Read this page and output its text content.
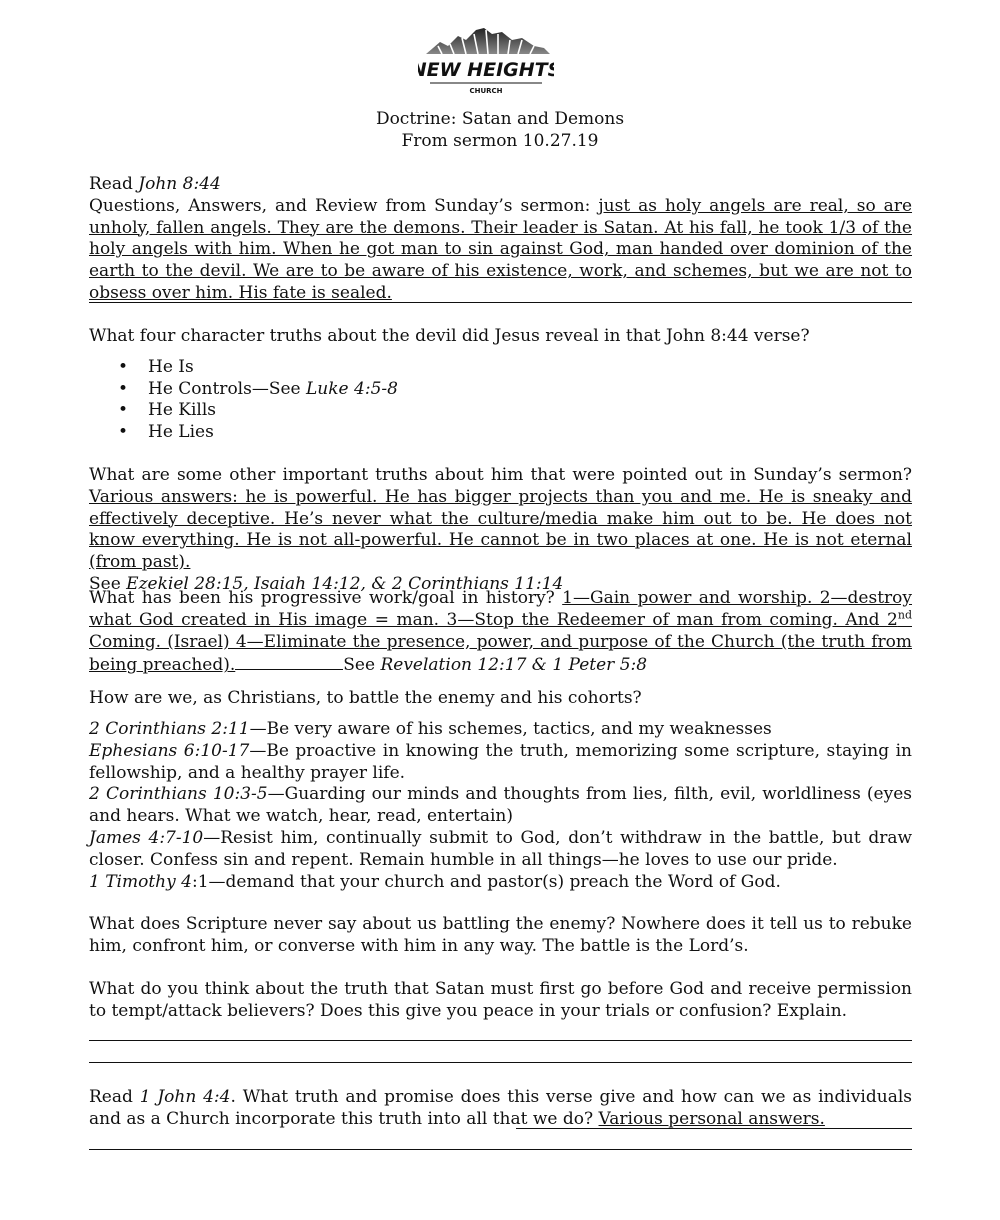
NEW HEIGHTS
CHURCH
Doctrine: Satan and Demons
From sermon 10.27.19
Read John 8:44
Questions, Answers, and Review from Sunday’s sermon: just as holy angels are real, so are unholy, fallen angels. They are the demons. Their leader is Satan. At his fall, he took 1/3 of the holy angels with him. When he got man to sin against God, man handed over dominion of the earth to the devil. We are to be aware of his existence, work, and schemes, but we are not to obsess over him. His fate is sealed.
What four character truths about the devil did Jesus reveal in that John 8:44 verse?
• He Is
• He Controls—See Luke 4:5-8
• He Kills
• He Lies
What are some other important truths about him that were pointed out in Sunday’s sermon? Various answers: he is powerful. He has bigger projects than you and me. He is sneaky and effectively deceptive. He’s never what the culture/media make him out to be. He does not know everything. He is not all-powerful. He cannot be in two places at one. He is not eternal (from past).
See Ezekiel 28:15, Isaiah 14:12, & 2 Corinthians 11:14
What has been his progressive work/goal in history? 1—Gain power and worship. 2—destroy what God created in His image = man. 3—Stop the Redeemer of man from coming. And 2nd Coming. (Israel) 4—Eliminate the presence, power, and purpose of the Church (the truth from being preached).	See Revelation 12:17 & 1 Peter 5:8
How are we, as Christians, to battle the enemy and his cohorts?
2 Corinthians 2:11—Be very aware of his schemes, tactics, and my weaknesses
Ephesians 6:10-17—Be proactive in knowing the truth, memorizing some scripture, staying in fellowship, and a healthy prayer life.
2 Corinthians 10:3-5—Guarding our minds and thoughts from lies, filth, evil, worldliness (eyes and hears. What we watch, hear, read, entertain)
James 4:7-10—Resist him, continually submit to God, don’t withdraw in the battle, but draw closer. Confess sin and repent. Remain humble in all things—he loves to use our pride.
1 Timothy 4:1—demand that your church and pastor(s) preach the Word of God.
What does Scripture never say about us battling the enemy? Nowhere does it tell us to rebuke him, confront him, or converse with him in any way. The battle is the Lord’s.
What do you think about the truth that Satan must first go before God and receive permission to tempt/attack believers? Does this give you peace in your trials or confusion? Explain.
Read 1 John 4:4. What truth and promise does this verse give and how can we as individuals and as a Church incorporate this truth into all that we do? Various personal answers.
